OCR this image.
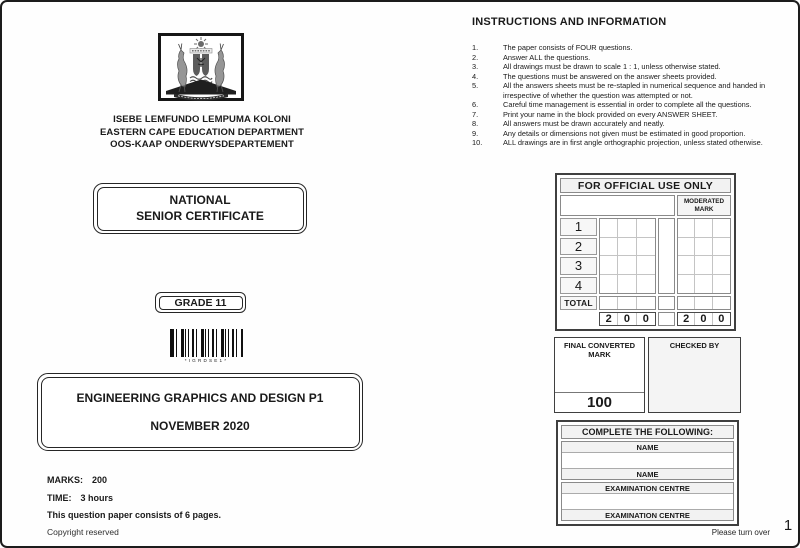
ISEBE LEMFUNDO LEMPUMA KOLONI
EASTERN CAPE EDUCATION DEPARTMENT
OOS-KAAP ONDERWYSDEPARTEMENT
NATIONAL
SENIOR CERTIFICATE
GRADE 11
*IGRDSE1*
ENGINEERING GRAPHICS AND DESIGN P1
NOVEMBER 2020
MARKS: 200
TIME: 3 hours
This question paper consists of 6 pages.
Copyright reserved
INSTRUCTIONS AND INFORMATION
1.	The paper consists of FOUR questions.
2.	Answer ALL the questions.
3.	All drawings must be drawn to scale 1 : 1, unless otherwise stated.
4.	The questions must be answered on the answer sheets provided.
5.	All the answers sheets must be re-stapled in numerical sequence and handed in irrespective of whether the question was attempted or not.
6.	Careful time management is essential in order to complete all the questions.
7.	Print your name in the block provided on every ANSWER SHEET.
8.	All answers must be drawn accurately and neatly.
9.	Any details or dimensions not given must be estimated in good proportion.
10.	ALL drawings are in first angle orthographic projection, unless stated otherwise.
FOR OFFICIAL USE ONLY
MODERATED MARK
1
2
3
4
TOTAL
2	0	0	2	0	0
FINAL CONVERTED MARK
100
CHECKED BY
COMPLETE THE FOLLOWING:
NAME
NAME
EXAMINATION CENTRE
EXAMINATION CENTRE
Please turn over 1
